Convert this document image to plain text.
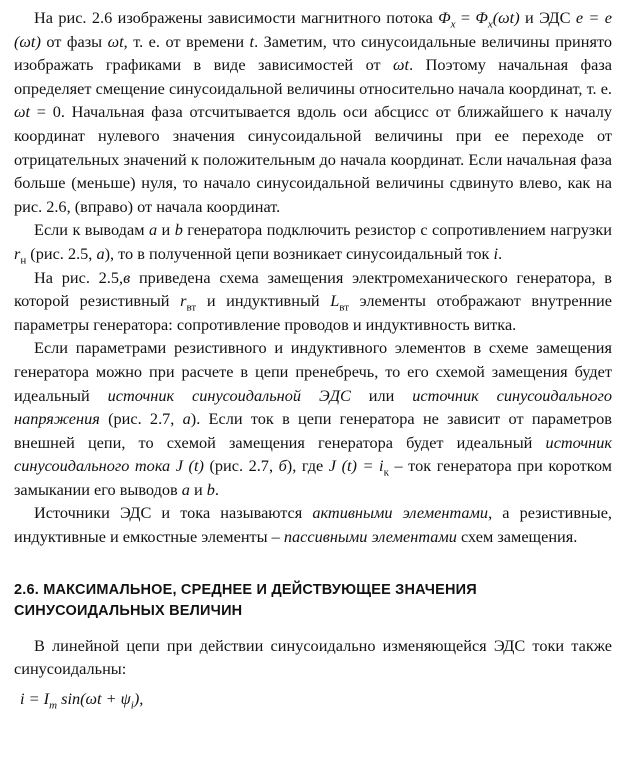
На рис. 2.6 изображены зависимости магнитного потока $\Phi_x = \Phi_x(\omega t)$ и ЭДС e = e (ωt) от фазы ωt, т. е. от времени t. Заметим, что синусоидальные величины принято изображать графиками в виде зависимостей от ωt. Поэтому начальная фаза определяет смещение синусоидальной величины относительно начала координат, т. е. ωt = 0. Начальная фаза отсчитывается вдоль оси абсцисс от ближайшего к началу координат нулевого значения синусоидальной величины при ее переходе от отрицательных значений к положительным до начала координат. Если начальная фаза больше (меньше) нуля, то начало синусоидальной величины сдвинуто влево, как на рис. 2.6, (вправо) от начала координат.

Если к выводам a и b генератора подключить резистор с сопротивлением нагрузки $r_н$ (рис. 2.5, а), то в полученной цепи возникает синусоидальный ток i.

На рис. 2.5,в приведена схема замещения электромеханического генератора, в которой резистивный $r_{вт}$ и индуктивный $L_{вт}$ элементы отображают внутренние параметры генератора: сопротивление проводов и индуктивность витка.

Если параметрами резистивного и индуктивного элементов в схеме замещения генератора можно при расчете в цепи пренебречь, то его схемой замещения будет идеальный источник синусоидальной ЭДС или источник синусоидального напряжения (рис. 2.7, а). Если ток в цепи генератора не зависит от параметров внешней цепи, то схемой замещения генератора будет идеальный источник синусоидального тока J (t) (рис. 2.7, б), где J $(t) = i_к$ – ток генератора при коротком замыкании его выводов a и b.

Источники ЭДС и тока называются активными элементами, а резистивные, индуктивные и емкостные элементы – пассивными элементами схем замещения.

2.6. МАКСИМАЛЬНОЕ, СРЕДНЕЕ И ДЕЙСТВУЮЩЕЕ ЗНАЧЕНИЯ СИНУСОИДАЛЬНЫХ ВЕЛИЧИН

В линейной цепи при действии синусоидально изменяющейся ЭДС токи также синусоидальны:

$i = I_m$ $\sin(\omega t + \psi_i)$,
